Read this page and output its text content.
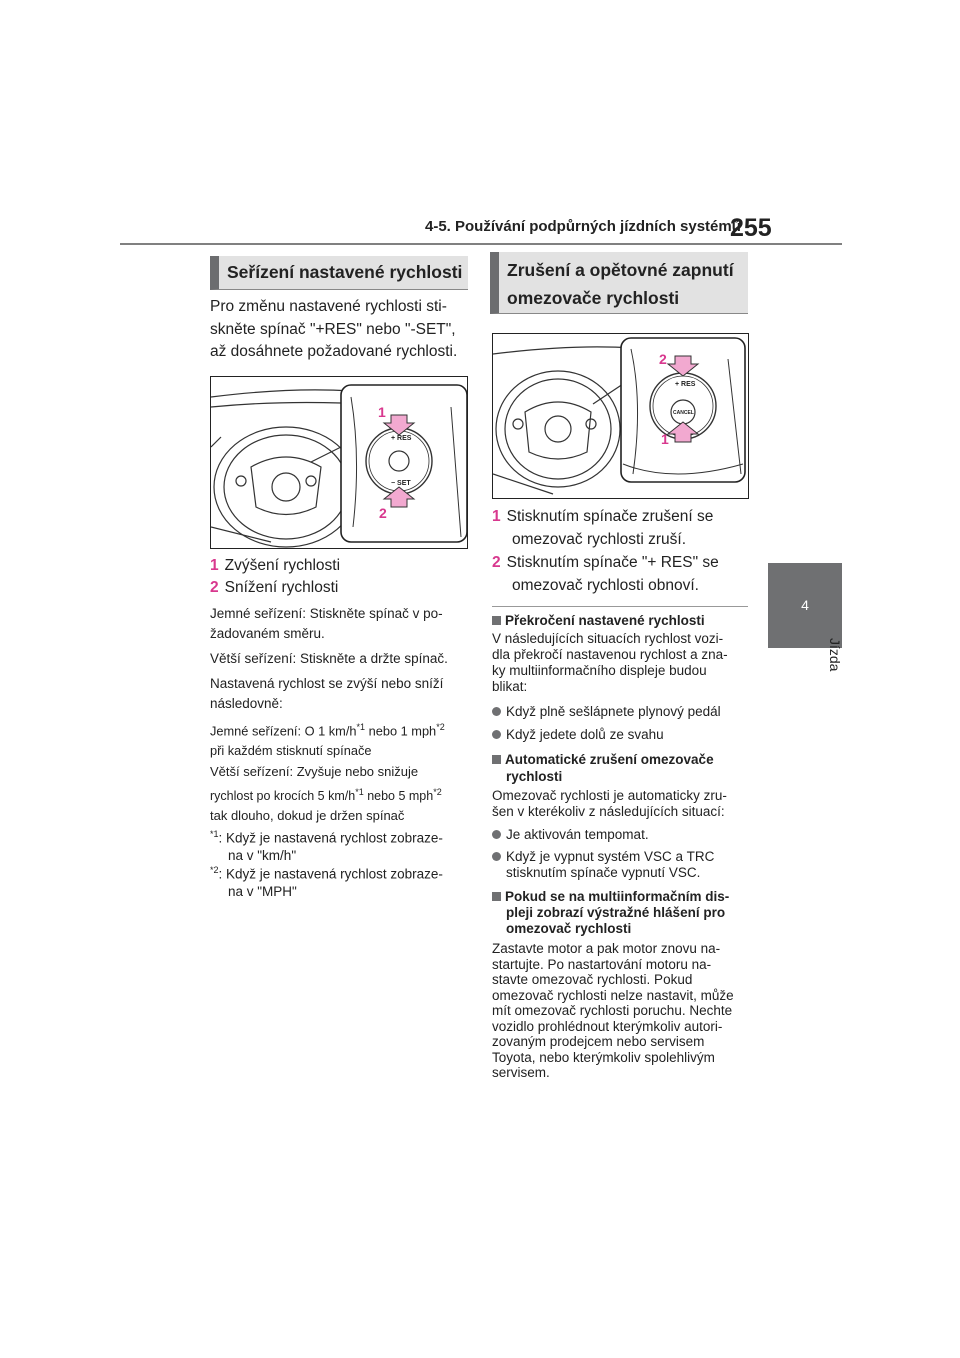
4-5. Používání podpůrných jízdních systémů
255
4
Jízda
Seřízení nastavené rychlosti
Pro změnu nastavené rychlosti sti-
skněte spínač "+RES" nebo "-SET",
až dosáhnete požadované rychlosti.
+ RES
− SET
1
2
1 Zvýšení rychlosti
2 Snížení rychlosti
Jemné seřízení: Stiskněte spínač v po-
žadovaném směru.
Větší seřízení: Stiskněte a držte spínač.
Nastavená rychlost se zvýší nebo sníží
následovně:
Jemné seřízení: O 1 $km/h^{*1}$ nebo 1 mph$^{*2}$
při každém stisknutí spínače
Větší seřízení: Zvyšuje nebo snižuje
rychlost po krocích 5 $km/h^{*1}$ nebo 5 mph$^{*2}$
tak dlouho, dokud je držen spínač
$^{*1}$: Když je nastavená rychlost zobraze-
na v "km/h"
$^{*2}$: Když je nastavená rychlost zobraze-
na v "MPH"
Zrušení a opětovné zapnutí
omezovače rychlosti
+ RES
CANCEL
2
1
1 Stisknutím spínače zrušení se
omezovač rychlosti zruší.
2 Stisknutím spínače "+ RES" se
omezovač rychlosti obnoví.
Překročení nastavené rychlosti
V následujících situacích rychlost vozi-
dla překročí nastavenou rychlost a zna-
ky multiinformačního displeje budou
blikat:
Když plně sešlápnete plynový pedál
Když jedete dolů ze svahu
Automatické zrušení omezovače
rychlosti
Omezovač rychlosti je automaticky zru-
šen v kterékoliv z následujících situací:
Je aktivován tempomat.
Když je vypnut systém VSC a TRC
stisknutím spínače vypnutí VSC.
Pokud se na multiinformačním dis-
pleji zobrazí výstražné hlášení pro
omezovač rychlosti
Zastavte motor a pak motor znovu na-
startujte. Po nastartování motoru na-
stavte omezovač rychlosti. Pokud
omezovač rychlosti nelze nastavit, může
mít omezovač rychlosti poruchu. Nechte
vozidlo prohlédnout kterýmkoliv autori-
zovaným prodejcem nebo servisem
Toyota, nebo kterýmkoliv spolehlivým
servisem.
